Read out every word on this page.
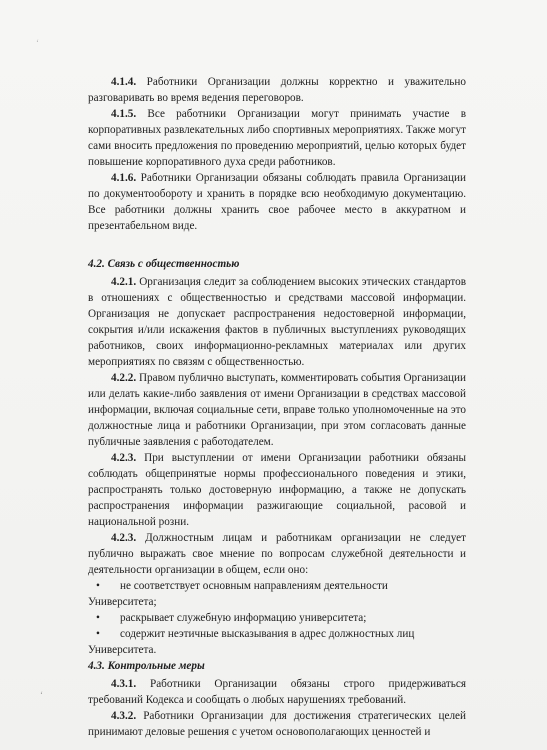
ʻ
ʻ

4.1.4. Работники Организации должны корректно и уважительно разговаривать во время ведения переговоров.

4.1.5. Все работники Организации могут принимать участие в корпоративных развлекательных либо спортивных мероприятиях. Также могут сами вносить предложения по проведению мероприятий, целью которых будет повышение корпоративного духа среди работников.

4.1.6. Работники Организации обязаны соблюдать правила Организации по документообороту и хранить в порядке всю необходимую документацию. Все работники должны хранить свое рабочее место в аккуратном и презентабельном виде.

4.2. Связь с общественностью

4.2.1. Организация следит за соблюдением высоких этических стандартов в отношениях с общественностью и средствами массовой информации. Организация не допускает распространения недостоверной информации, сокрытия и/или искажения фактов в публичных выступлениях руководящих работников, своих информационно-рекламных материалах или других мероприятиях по связям с общественностью.

4.2.2. Правом публично выступать, комментировать события Организации или делать какие-либо заявления от имени Организации в средствах массовой информации, включая социальные сети, вправе только уполномоченные на это должностные лица и работники Организации, при этом согласовать данные публичные заявления с работодателем.

4.2.3. При выступлении от имени Организации работники обязаны соблюдать общепринятые нормы профессионального поведения и этики, распространять только достоверную информацию, а также не допускать распространения информации разжигающие социальной, расовой и национальной розни.

4.2.3. Должностным лицам и работникам организации не следует публично выражать свое мнение по вопросам служебной деятельности и деятельности организации в общем, если оно:

•	не соответствует основным направлениям деятельности

Университета;

•	раскрывает служебную информацию университета;
•	содержит неэтичные высказывания в адрес должностных лиц

Университета.

4.3. Контрольные меры

4.3.1. Работники Организации обязаны строго придерживаться требований Кодекса и сообщать о любых нарушениях требований.

4.3.2. Работники Организации для достижения стратегических целей принимают деловые решения с учетом основополагающих ценностей и
